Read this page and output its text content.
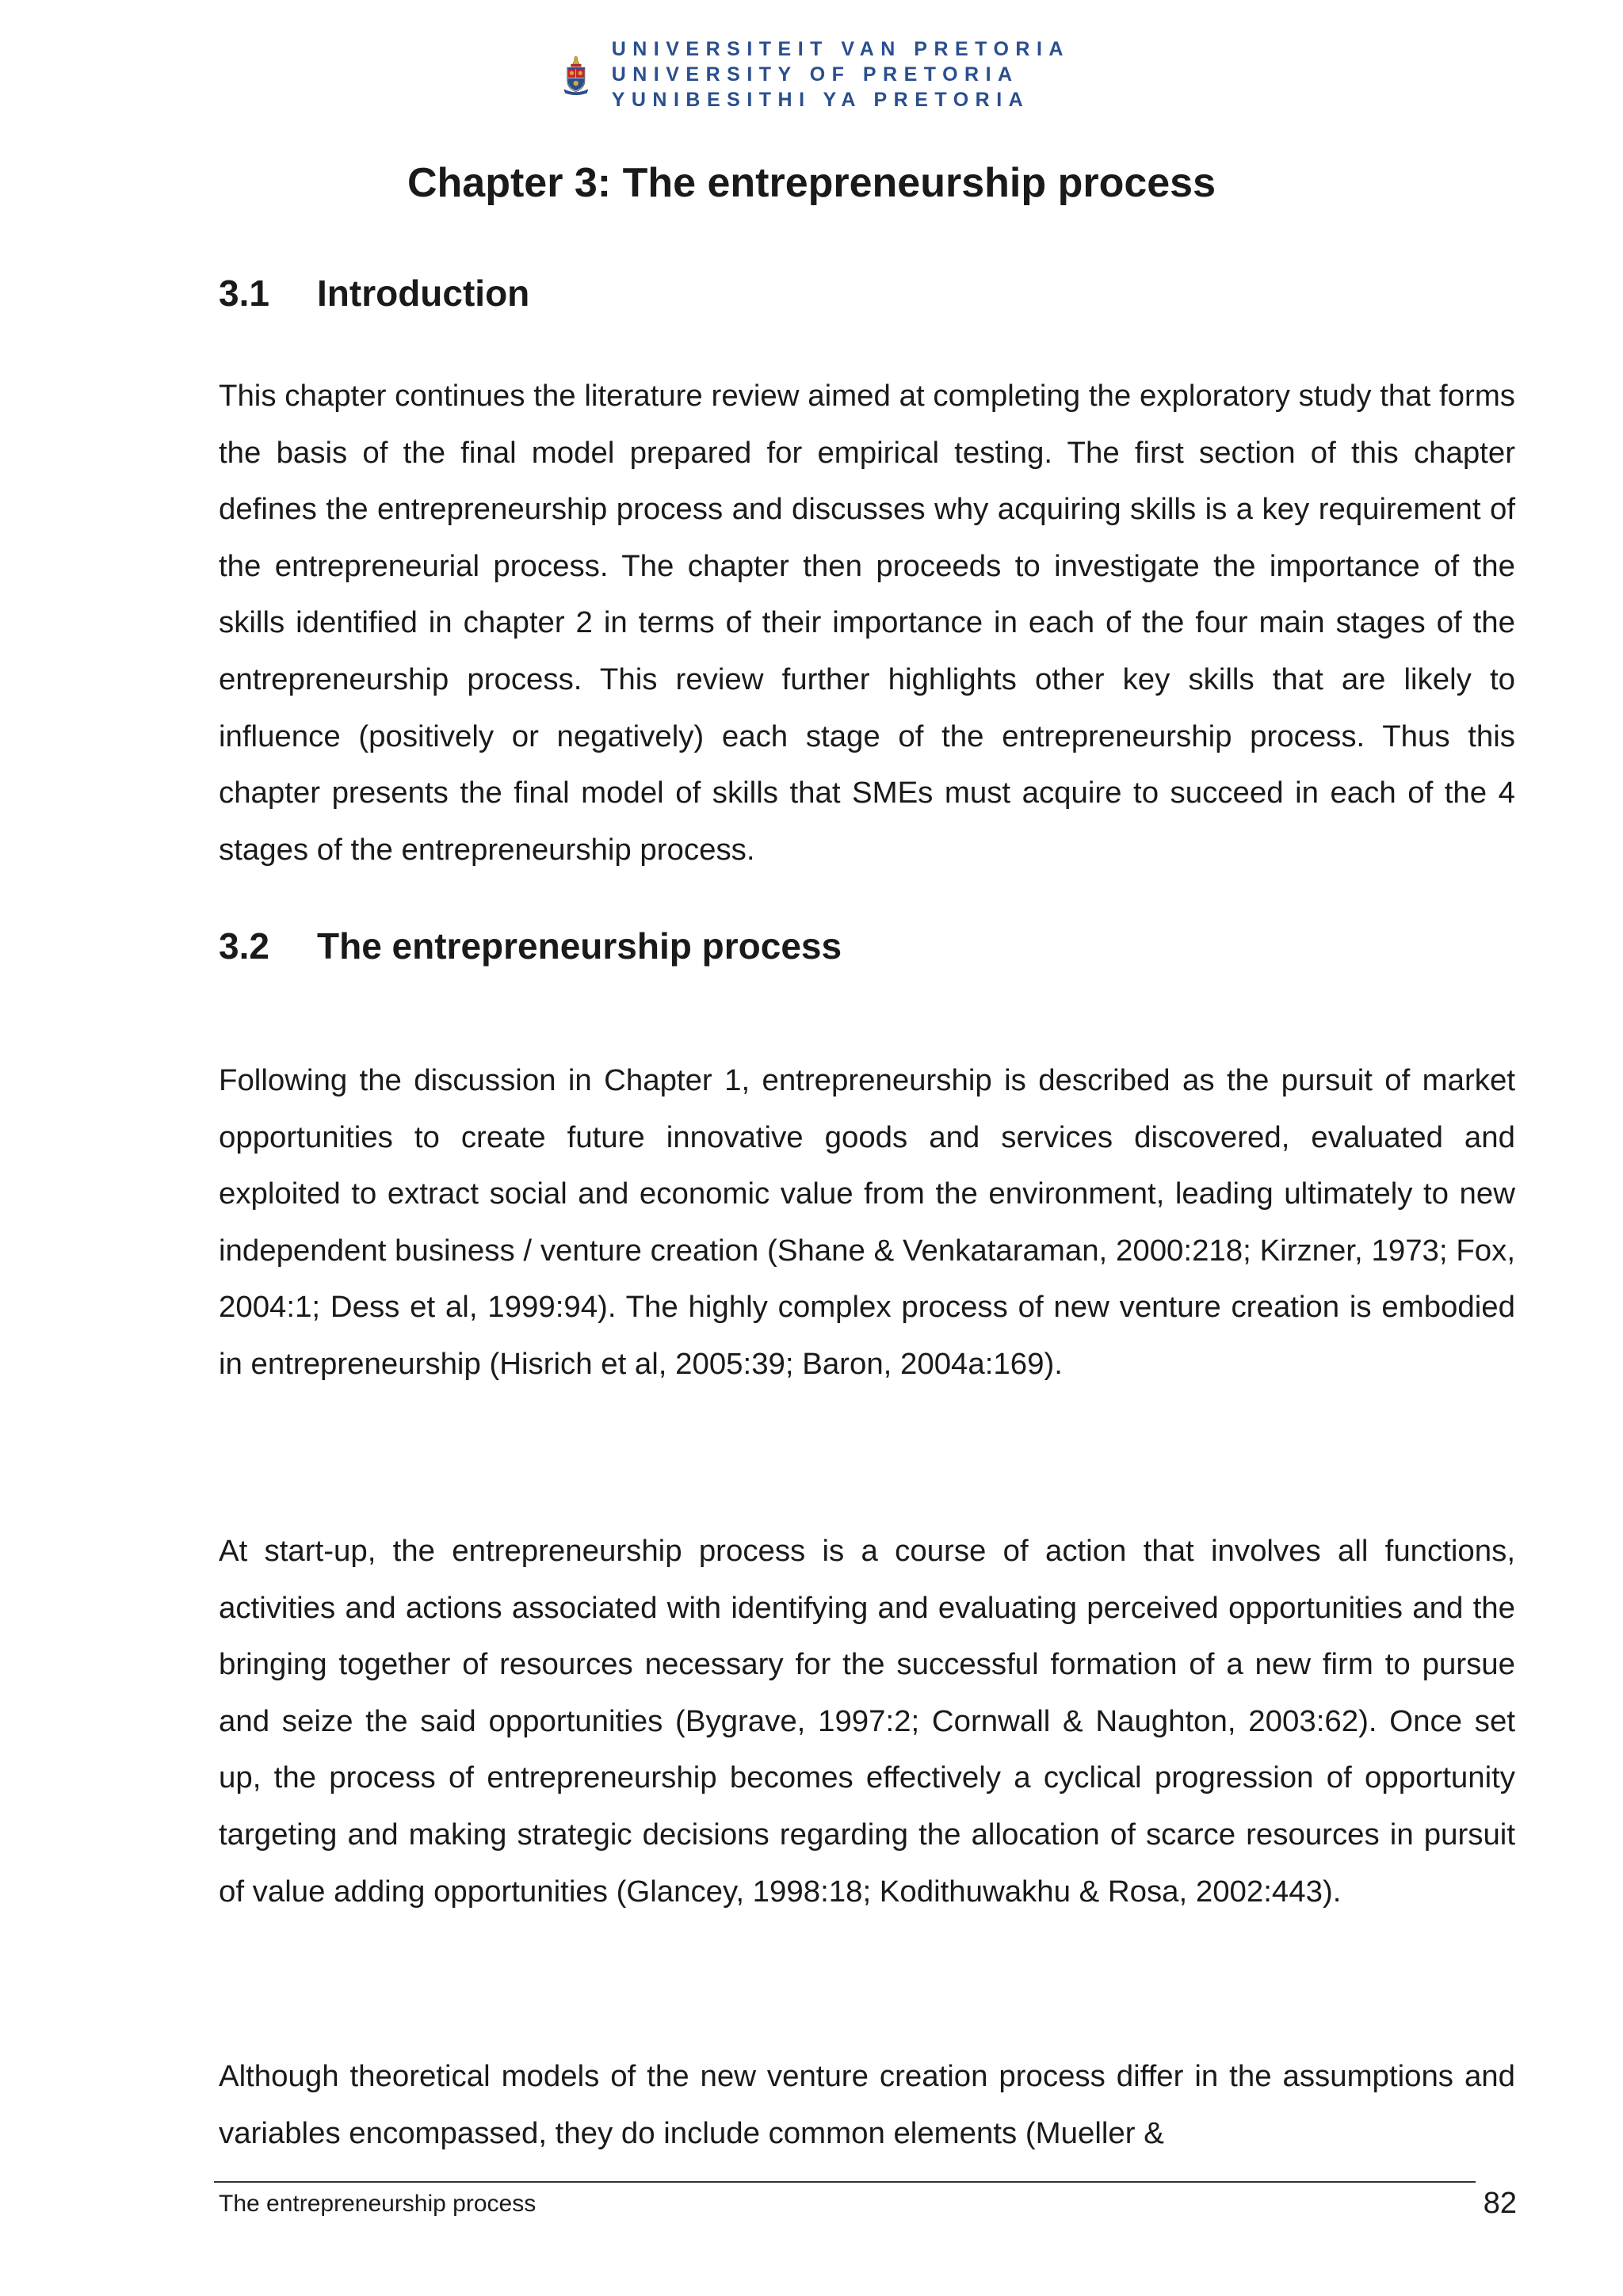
UNIVERSITEIT VAN PRETORIA
UNIVERSITY OF PRETORIA
YUNIBESITHI YA PRETORIA
Chapter 3: The entrepreneurship process
3.1 Introduction

This chapter continues the literature review aimed at completing the exploratory study that forms the basis of the final model prepared for empirical testing. The first section of this chapter defines the entrepreneurship process and discusses why acquiring skills is a key requirement of the entrepreneurial process. The chapter then proceeds to investigate the importance of the skills identified in chapter 2 in terms of their importance in each of the four main stages of the entrepreneurship process. This review further highlights other key skills that are likely to influence (positively or negatively) each stage of the entrepreneurship process. Thus this chapter presents the final model of skills that SMEs must acquire to succeed in each of the 4 stages of the entrepreneurship process.

3.2 The entrepreneurship process

Following the discussion in Chapter 1, entrepreneurship is described as the pursuit of market opportunities to create future innovative goods and services discovered, evaluated and exploited to extract social and economic value from the environment, leading ultimately to new independent business / venture creation (Shane & Venkataraman, 2000:218; Kirzner, 1973; Fox, 2004:1; Dess et al, 1999:94). The highly complex process of new venture creation is embodied in entrepreneurship (Hisrich et al, 2005:39; Baron, 2004a:169).

At start-up, the entrepreneurship process is a course of action that involves all functions, activities and actions associated with identifying and evaluating perceived opportunities and the bringing together of resources necessary for the successful formation of a new firm to pursue and seize the said opportunities (Bygrave, 1997:2; Cornwall & Naughton, 2003:62). Once set up, the process of entrepreneurship becomes effectively a cyclical progression of opportunity targeting and making strategic decisions regarding the allocation of scarce resources in pursuit of value adding opportunities (Glancey, 1998:18; Kodithuwakhu & Rosa, 2002:443).

Although theoretical models of the new venture creation process differ in the assumptions and variables encompassed, they do include common elements (Mueller &

The entrepreneurship process	82
